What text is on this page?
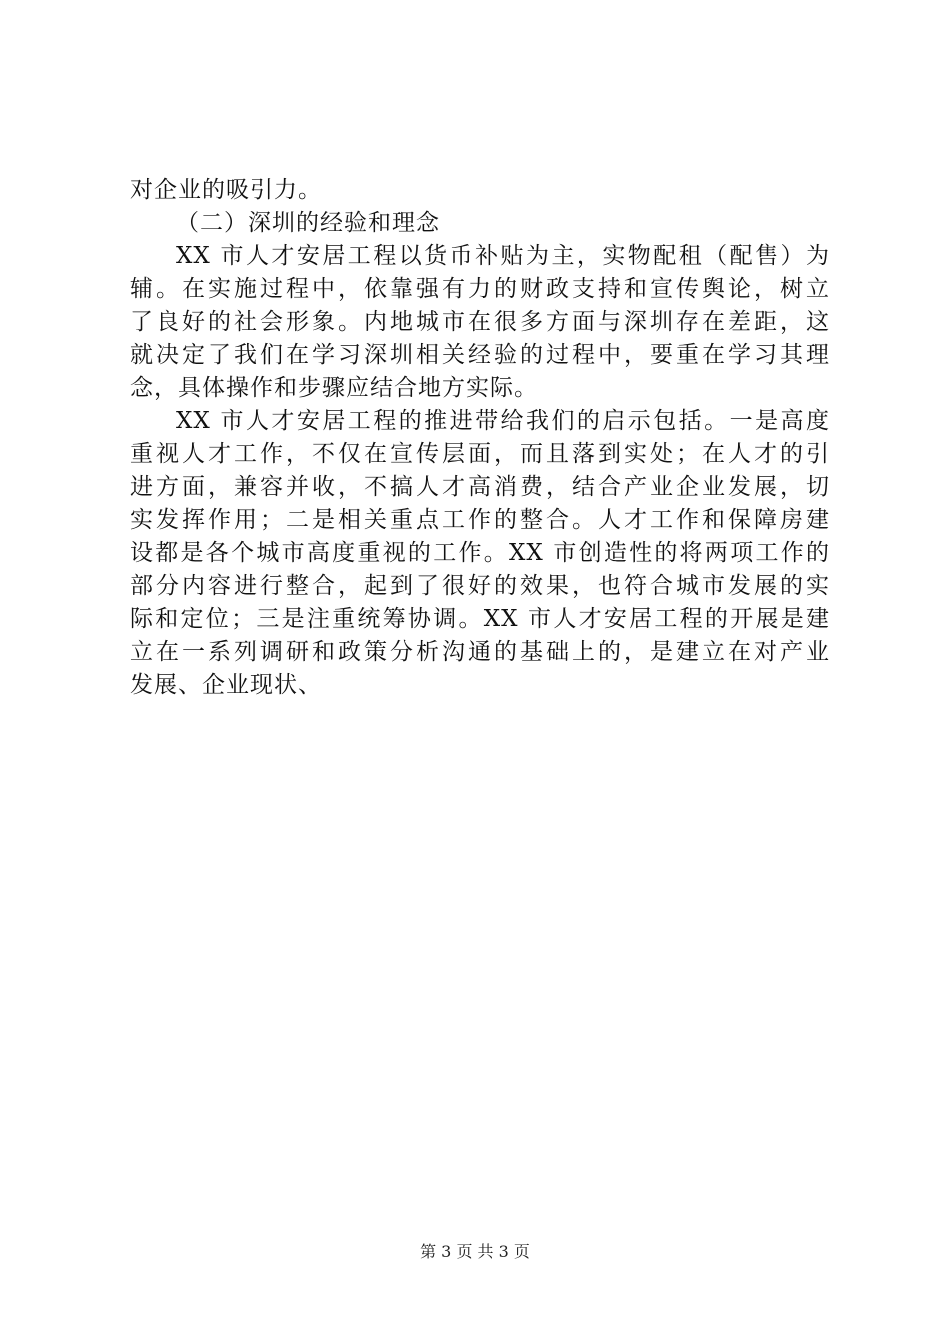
对企业的吸引力。
（二）深圳的经验和理念
XX 市人才安居工程以货币补贴为主，实物配租（配售）为
辅。在实施过程中，依靠强有力的财政支持和宣传舆论，树立
了良好的社会形象。内地城市在很多方面与深圳存在差距，这
就决定了我们在学习深圳相关经验的过程中，要重在学习其理
念，具体操作和步骤应结合地方实际。
XX 市人才安居工程的推进带给我们的启示包括。一是高度
重视人才工作，不仅在宣传层面，而且落到实处；在人才的引
进方面，兼容并收，不搞人才高消费，结合产业企业发展，切
实发挥作用；二是相关重点工作的整合。人才工作和保障房建
设都是各个城市高度重视的工作。XX 市创造性的将两项工作的
部分内容进行整合，起到了很好的效果，也符合城市发展的实
际和定位；三是注重统筹协调。XX 市人才安居工程的开展是建
立在一系列调研和政策分析沟通的基础上的，是建立在对产业
发展、企业现状、
第 3 页 共 3 页
